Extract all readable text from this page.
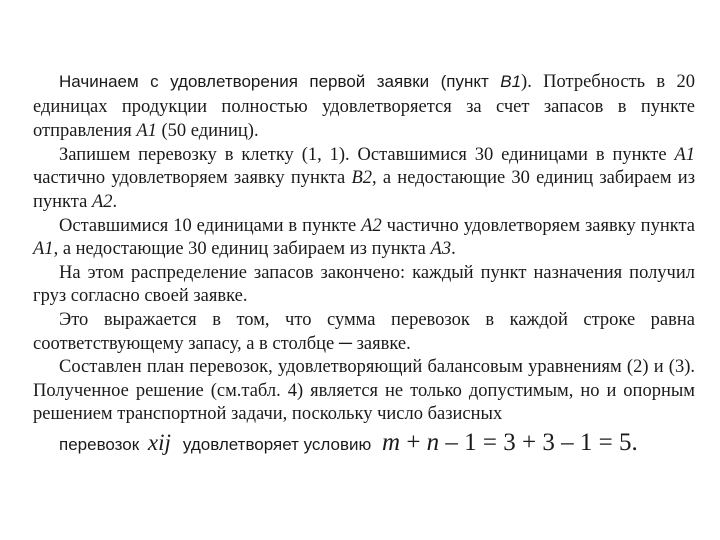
Начинаем с удовлетворения первой заявки (пункт В1). Потребность в 20 единицах продукции полностью удовлетворяется за счет запасов в пункте отправления А1 (50 единиц).

Запишем перевозку в клетку (1, 1). Оставшимися 30 единицами в пункте А1 частично удовлетворяем заявку пункта В2, а недостающие 30 единиц забираем из пункта А2.

Оставшимися 10 единицами в пункте А2 частично удовлетворяем заявку пункта А1, а недостающие 30 единиц забираем из пункта А3.

На этом распределение запасов закончено: каждый пункт назначения получил груз согласно своей заявке.

Это выражается в том, что сумма перевозок в каждой строке равна соответствующему запасу, а в столбце ─ заявке.

Составлен план перевозок, удовлетворяющий балансовым уравнениям (2) и (3). Полученное решение (см.табл. 4) является не только допустимым, но и опорным решением транспортной задачи, поскольку число базисных

перевозок xij удовлетворяет условию m + n – 1 = 3 + 3 – 1 = 5.
